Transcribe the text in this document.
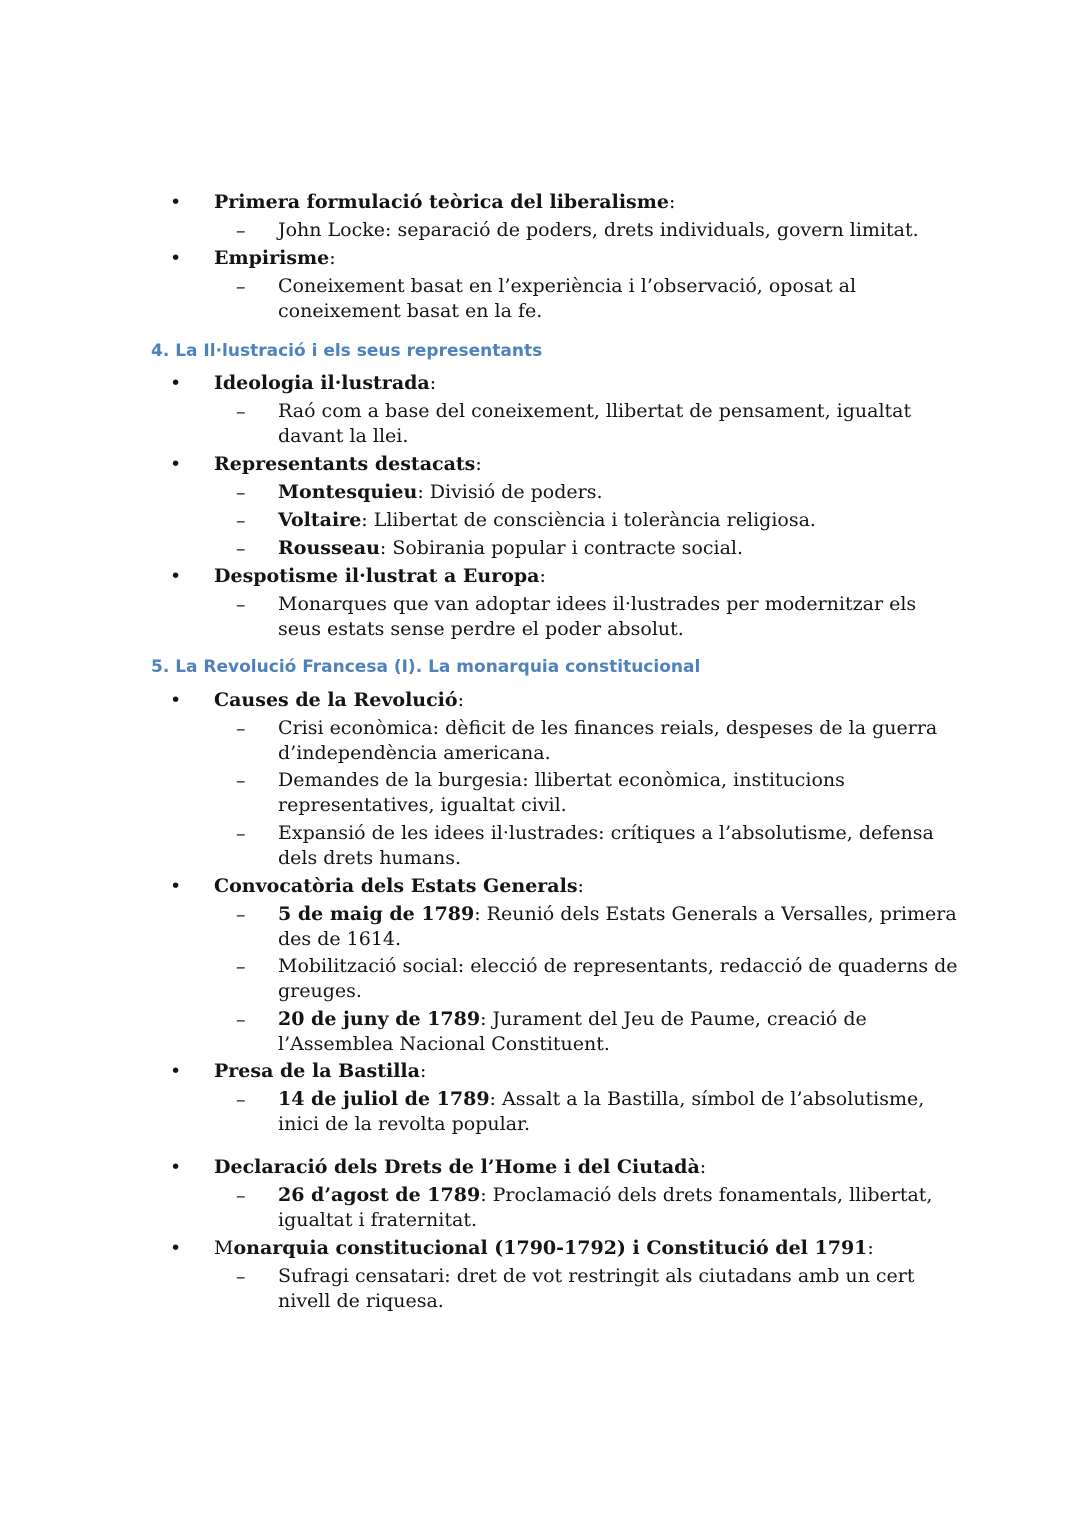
• Primera formulació teòrica del liberalisme:
– John Locke: separació de poders, drets individuals, govern limitat.
• Empirisme:
– Coneixement basat en l’experiència i l’observació, oposat al coneixement basat en la fe.
4. La Il·lustració i els seus representants
• Ideologia il·lustrada:
– Raó com a base del coneixement, llibertat de pensament, igualtat davant la llei.
• Representants destacats:
– Montesquieu: Divisió de poders.
– Voltaire: Llibertat de consciència i tolerància religiosa.
– Rousseau: Sobirania popular i contracte social.
• Despotisme il·lustrat a Europa:
– Monarques que van adoptar idees il·lustrades per modernitzar els seus estats sense perdre el poder absolut.
5. La Revolució Francesa (I). La monarquia constitucional
• Causes de la Revolució:
– Crisi econòmica: dèficit de les finances reials, despeses de la guerra d’independència americana.
– Demandes de la burgesia: llibertat econòmica, institucions representatives, igualtat civil.
– Expansió de les idees il·lustrades: crítiques a l’absolutisme, defensa dels drets humans.
• Convocatòria dels Estats Generals:
– 5 de maig de 1789: Reunió dels Estats Generals a Versalles, primera des de 1614.
– Mobilització social: elecció de representants, redacció de quaderns de greuges.
– 20 de juny de 1789: Jurament del Jeu de Paume, creació de l’Assemblea Nacional Constituent.
• Presa de la Bastilla:
– 14 de juliol de 1789: Assalt a la Bastilla, símbol de l’absolutisme, inici de la revolta popular.
• Declaració dels Drets de l’Home i del Ciutadà:
– 26 d’agost de 1789: Proclamació dels drets fonamentals, llibertat, igualtat i fraternitat.
• Monarquia constitucional (1790-1792) i Constitució del 1791:
– Sufragi censatari: dret de vot restringit als ciutadans amb un cert nivell de riquesa.
